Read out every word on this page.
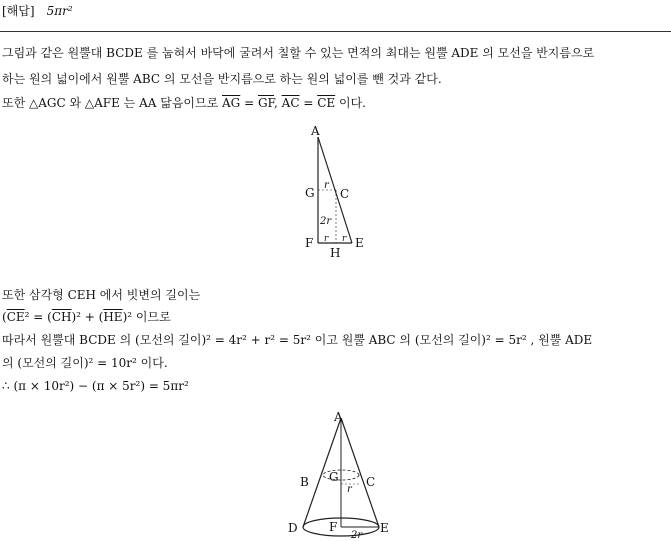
[해답] 5πr²
그림과 같은 원뿔대 BCDE 를 눕혀서 바닥에 굴려서 칠할 수 있는 면적의 최대는 원뿔 ADE 의 모선을 반지름으로
하는 원의 넓이에서 원뿔 ABC 의 모선을 반지름으로 하는 원의 넓이를 뺀 것과 같다.
또한 △AGC 와 △AFE 는 AA 닮음이므로 $\overline{AG} = \overline{GF}$, $\overline{AC} = \overline{CE}$ 이다.
A
G C
F	E
H
r
2r
r r
또한 삼각형 CEH 에서 빗변의 길이는
($\overline{CE}^2 = (\overline{CH})^2 + (\overline{HE})^2$ 이므로
따라서 원뿔대 BCDE 의 (모선의 길이)² = 4r² + r² = 5r² 이고 원뿔 ABC 의 (모선의 길이)² = 5r² , 원뿔 ADE
의 (모선의 길이)² = 10r² 이다.
∴ (π × 10r²) − (π × 5r²) = 5πr²
A
B	C
G
r
D	F	E
2r
